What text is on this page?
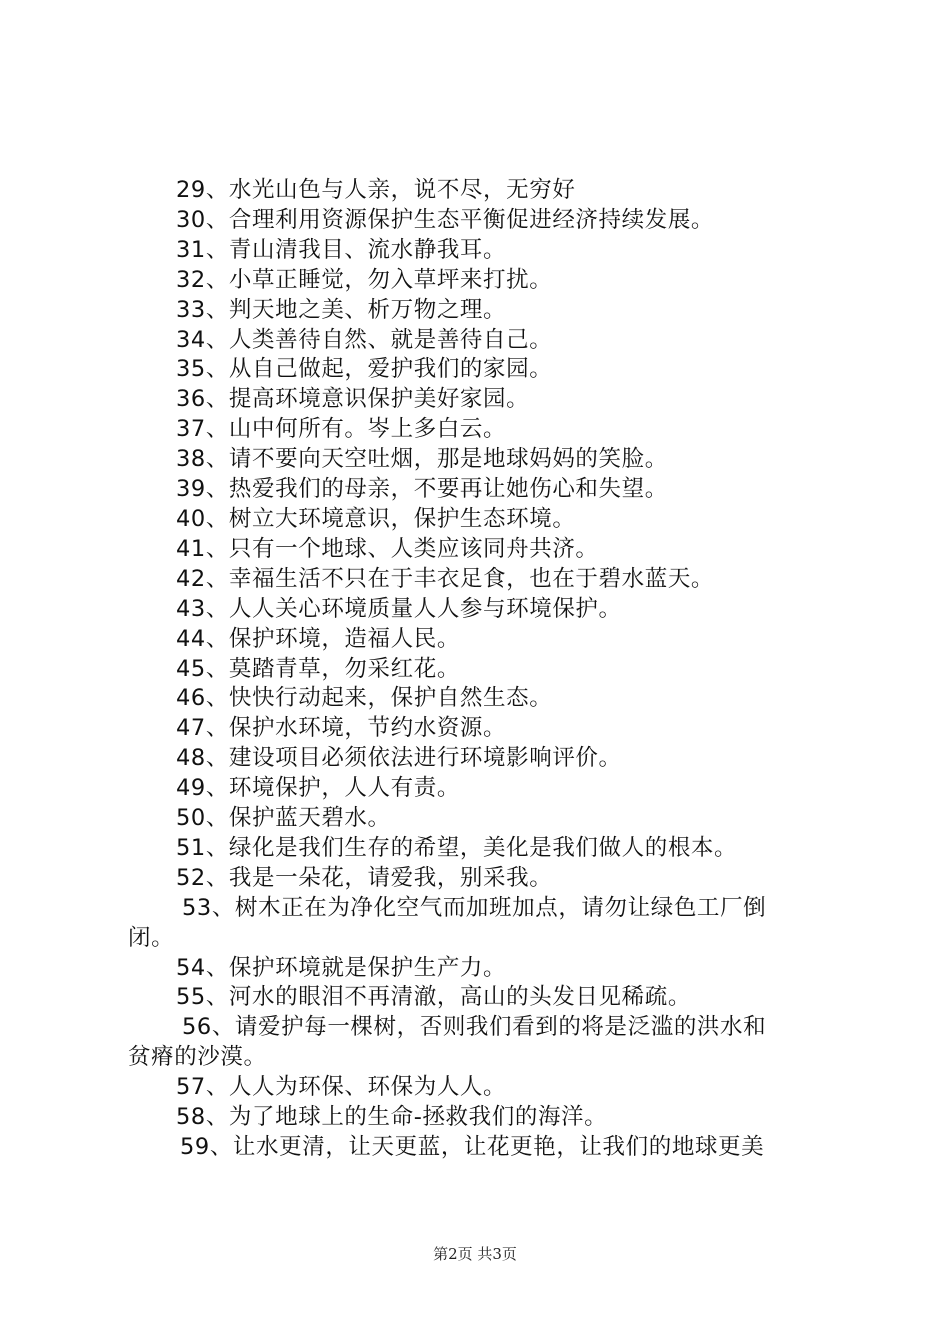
29、水光山色与人亲，说不尽，无穷好
30、合理利用资源保护生态平衡促进经济持续发展。
31、青山清我目、流水静我耳。
32、小草正睡觉，勿入草坪来打扰。
33、判天地之美、析万物之理。
34、人类善待自然、就是善待自己。
35、从自己做起，爱护我们的家园。
36、提高环境意识保护美好家园。
37、山中何所有。岑上多白云。
38、请不要向天空吐烟，那是地球妈妈的笑脸。
39、热爱我们的母亲，不要再让她伤心和失望。
40、树立大环境意识，保护生态环境。
41、只有一个地球、人类应该同舟共济。
42、幸福生活不只在于丰衣足食，也在于碧水蓝天。
43、人人关心环境质量人人参与环境保护。
44、保护环境，造福人民。
45、莫踏青草，勿采红花。
46、快快行动起来，保护自然生态。
47、保护水环境，节约水资源。
48、建设项目必须依法进行环境影响评价。
49、环境保护，人人有责。
50、保护蓝天碧水。
51、绿化是我们生存的希望，美化是我们做人的根本。
52、我是一朵花，请爱我，别采我。
53、树木正在为净化空气而加班加点，请勿让绿色工厂倒
闭。
54、保护环境就是保护生产力。
55、河水的眼泪不再清澈，高山的头发日见稀疏。
56、请爱护每一棵树，否则我们看到的将是泛滥的洪水和
贫瘠的沙漠。
57、人人为环保、环保为人人。
58、为了地球上的生命-拯救我们的海洋。
59、让水更清，让天更蓝，让花更艳，让我们的地球更美
第2页 共3页
